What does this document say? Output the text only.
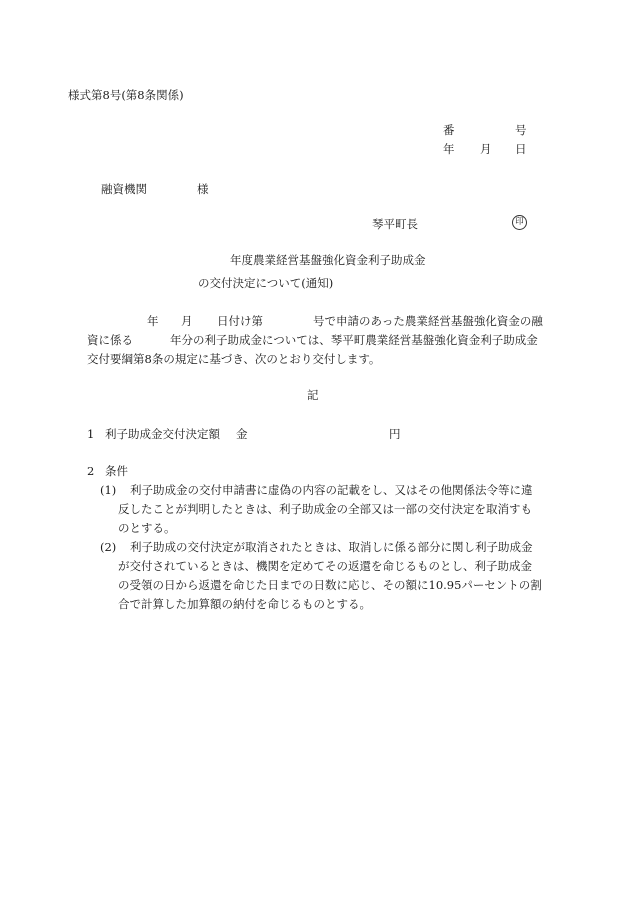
様式第8号(第8条関係)
番	号
年 月 日
融資機関	様
琴平町長	印
年度農業経営基盤強化資金利子助成金
の交付決定について(通知)
年 月 日付け第	号で申請のあった農業経営基盤強化資金の融
資に係る	年分の利子助成金については、琴平町農業経営基盤強化資金利子助成金
交付要綱第8条の規定に基づき、次のとおり交付します。
記
1 利子助成金交付決定額 金	円
2 条件
(1) 利子助成金の交付申請書に虚偽の内容の記載をし、又はその他関係法令等に違
反したことが判明したときは、利子助成金の全部又は一部の交付決定を取消すも
のとする。
(2) 利子助成の交付決定が取消されたときは、取消しに係る部分に関し利子助成金
が交付されているときは、機関を定めてその返還を命じるものとし、利子助成金
の受領の日から返還を命じた日までの日数に応じ、その額に10.95パーセントの割
合で計算した加算額の納付を命じるものとする。
